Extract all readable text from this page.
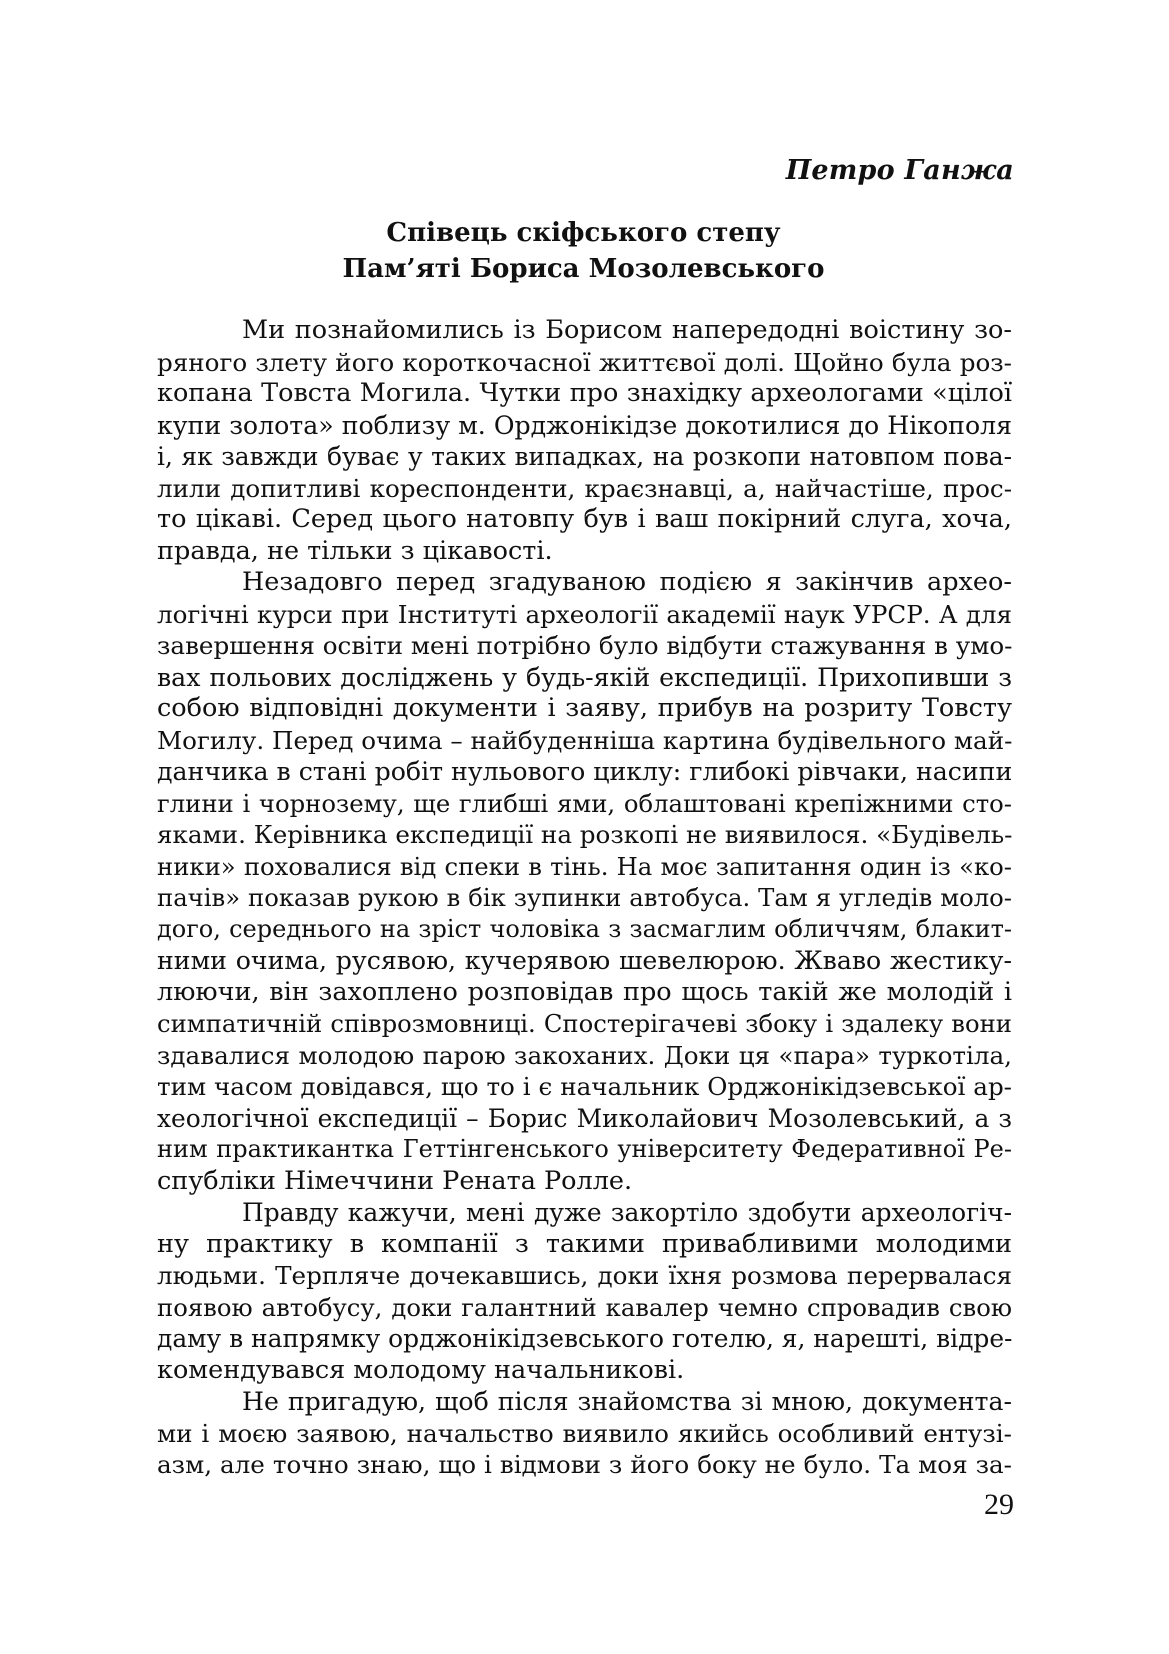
Петро Ганжа
Співець скіфського степу
Пам’яті Бориса Мозолевського
Ми познайомились із Борисом напередодні воістину зо-
ряного злету його короткочасної життєвої долі. Щойно була роз-
копана Товста Могила. Чутки про знахідку археологами «цілої
купи золота» поблизу м. Орджонікідзе докотилися до Нікополя
і, як завжди буває у таких випадках, на розкопи натовпом пова-
лили допитливі кореспонденти, краєзнавці, а, найчастіше, прос-
то цікаві. Серед цього натовпу був і ваш покірний слуга, хоча,
правда, не тільки з цікавості.
Незадовго перед згадуваною подією я закінчив архео-
логічні курси при Інституті археології академії наук УРСР. А для
завершення освіти мені потрібно було відбути стажування в умо-
вах польових досліджень у будь-якій експедиції. Прихопивши з
собою відповідні документи і заяву, прибув на розриту Товсту
Могилу. Перед очима – найбуденніша картина будівельного май-
данчика в стані робіт нульового циклу: глибокі рівчаки, насипи
глини і чорнозему, ще глибші ями, облаштовані крепіжними сто-
яками. Керівника експедиції на розкопі не виявилося. «Будівель-
ники» поховалися від спеки в тінь. На моє запитання один із «ко-
пачів» показав рукою в бік зупинки автобуса. Там я угледів моло-
дого, середнього на зріст чоловіка з засмаглим обличчям, блакит-
ними очима, русявою, кучерявою шевелюрою. Жваво жестику-
люючи, він захоплено розповідав про щось такій же молодій і
симпатичній співрозмовниці. Спостерігачеві збоку і здалеку вони
здавалися молодою парою закоханих. Доки ця «пара» туркотіла,
тим часом довідався, що то і є начальник Орджонікідзевської ар-
хеологічної експедиції – Борис Миколайович Мозолевський, а з
ним практикантка Геттінгенського університету Федеративної Ре-
спубліки Німеччини Рената Ролле.
Правду кажучи, мені дуже закортіло здобути археологіч-
ну практику в компанії з такими привабливими молодими
людьми. Терпляче дочекавшись, доки їхня розмова перервалася
появою автобусу, доки галантний кавалер чемно спровадив свою
даму в напрямку орджонікідзевського готелю, я, нарешті, відре-
комендувався молодому начальникові.
Не пригадую, щоб після знайомства зі мною, документа-
ми і моєю заявою, начальство виявило якийсь особливий ентузі-
азм, але точно знаю, що і відмови з його боку не було. Та моя за-
29
